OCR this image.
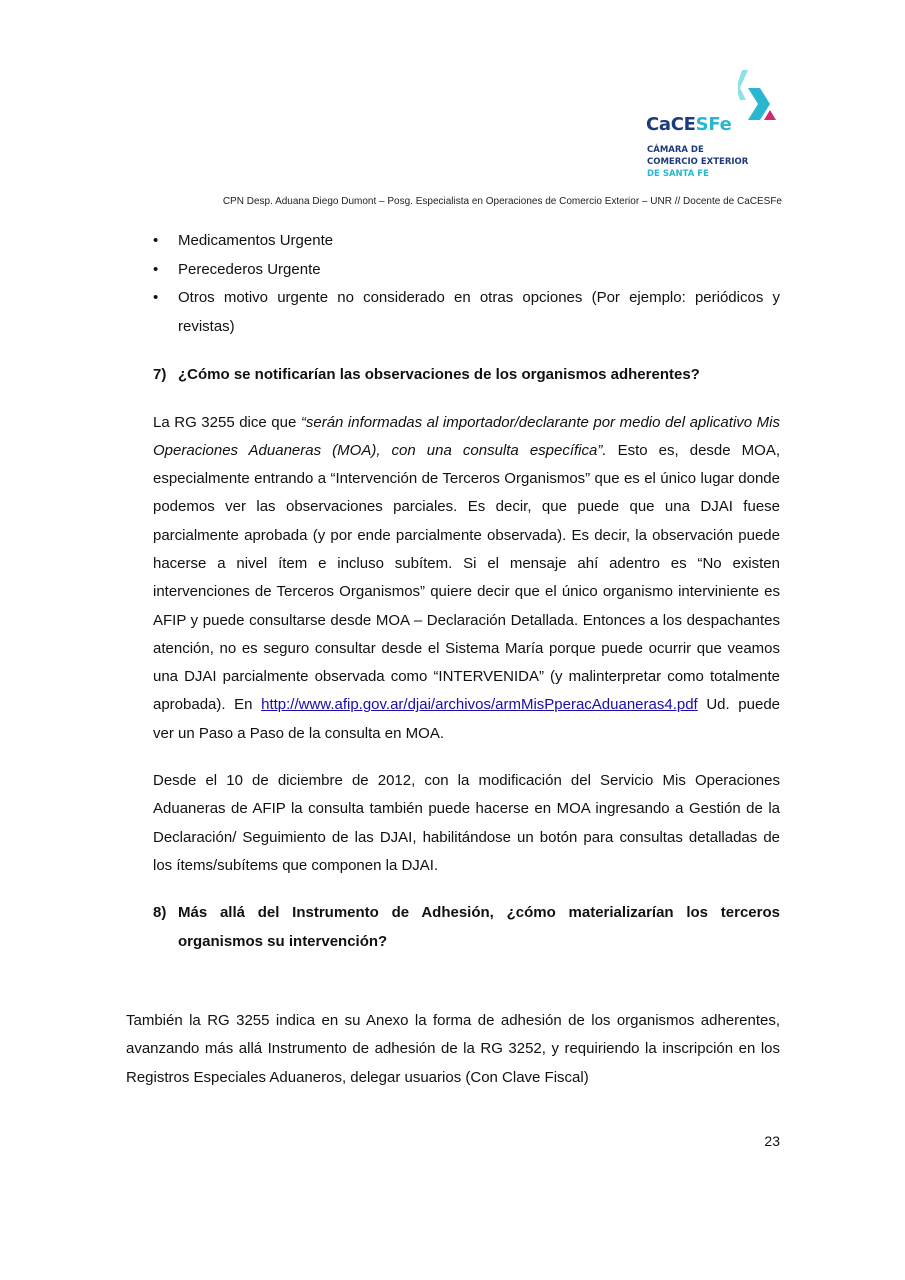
CaCESFe
CÁMARA DE
COMERCIO EXTERIOR
DE SANTA FE
CPN Desp. Aduana Diego Dumont – Posg. Especialista en Operaciones de Comercio Exterior – UNR // Docente de CaCESFe
• Medicamentos Urgente
• Perecederos Urgente
• Otros motivo urgente no considerado en otras opciones (Por ejemplo: periódicos y revistas)
7) ¿Cómo se notificarían las observaciones de los organismos adherentes?

La RG 3255 dice que “serán informadas al importador/declarante por medio del aplicativo Mis Operaciones Aduaneras (MOA), con una consulta específica”. Esto es, desde MOA, especialmente entrando a “Intervención de Terceros Organismos” que es el único lugar donde podemos ver las observaciones parciales. Es decir, que puede que una DJAI fuese parcialmente aprobada (y por ende parcialmente observada). Es decir, la observación puede hacerse a nivel ítem e incluso subítem. Si el mensaje ahí adentro es “No existen intervenciones de Terceros Organismos” quiere decir que el único organismo interviniente es AFIP y puede consultarse desde MOA – Declaración Detallada. Entonces a los despachantes atención, no es seguro consultar desde el Sistema María porque puede ocurrir que veamos una DJAI parcialmente observada como “INTERVENIDA” (y malinterpretar como totalmente aprobada). En http://www.afip.gov.ar/djai/archivos/armMisPperacAduaneras4.pdf Ud. puede ver un Paso a Paso de la consulta en MOA.

Desde el 10 de diciembre de 2012, con la modificación del Servicio Mis Operaciones Aduaneras de AFIP la consulta también puede hacerse en MOA ingresando a Gestión de la Declaración/ Seguimiento de las DJAI, habilitándose un botón para consultas detalladas de los ítems/subítems que componen la DJAI.

8) Más allá del Instrumento de Adhesión, ¿cómo materializarían los terceros organismos su intervención?

También la RG 3255 indica en su Anexo la forma de adhesión de los organismos adherentes, avanzando más allá Instrumento de adhesión de la RG 3252, y requiriendo la inscripción en los Registros Especiales Aduaneros, delegar usuarios (Con Clave Fiscal)

23
